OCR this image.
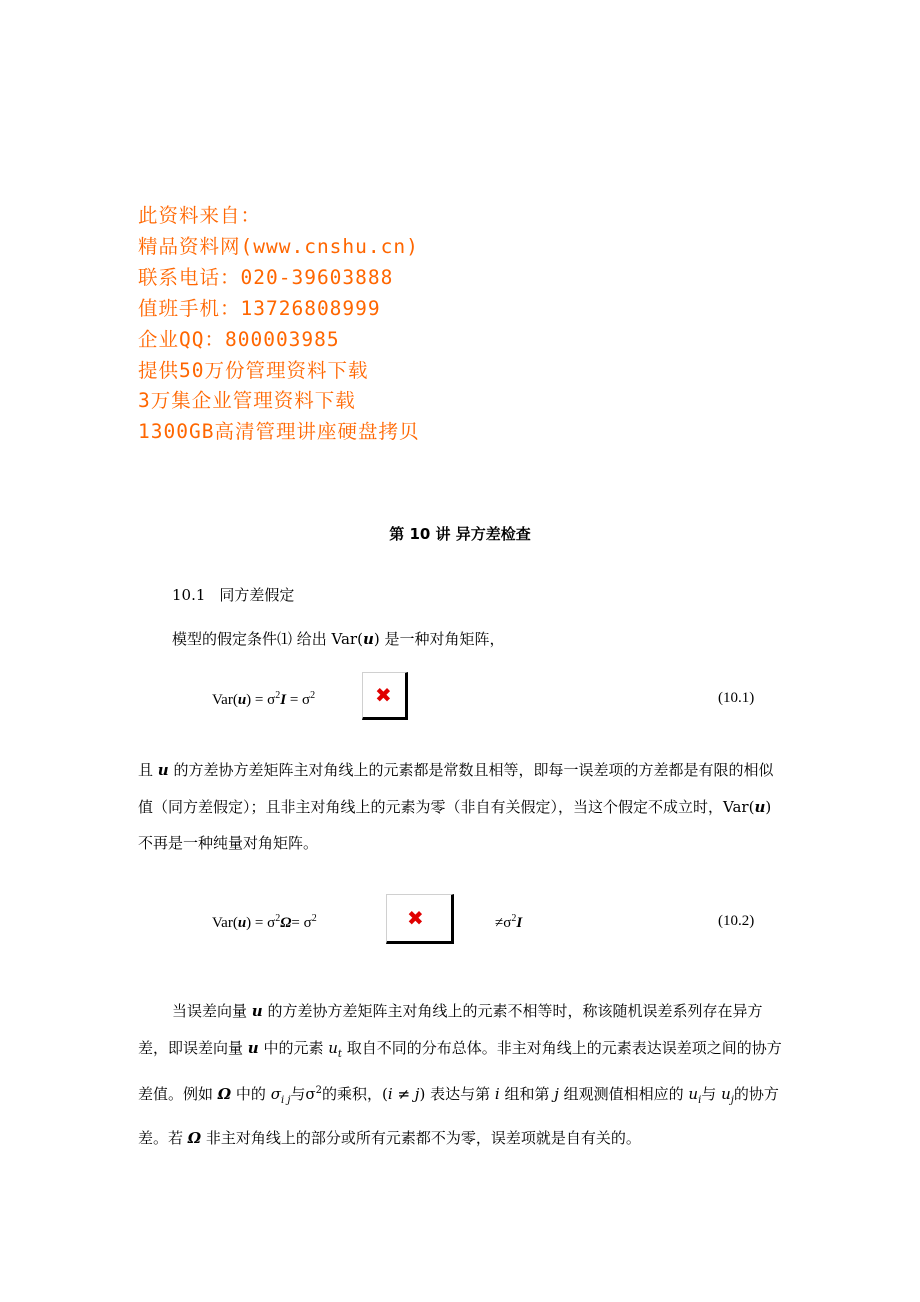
此资料来自：
精品资料网(www.cnshu.cn)
联系电话：020-39603888
值班手机：13726808999
企业QQ：800003985
提供50万份管理资料下载
3万集企业管理资料下载
1300GB高清管理讲座硬盘拷贝
第 10 讲 异方差检查
10.1 同方差假定
模型的假定条件⑴ 给出 Var(u) 是一种对角矩阵，
$Var(u) = \sigma^2I = \sigma^2$	✖	(10.1)
且 u 的方差协方差矩阵主对角线上的元素都是常数且相等，即每一误差项的方差都是有限的相似值（同方差假定）；且非主对角线上的元素为零（非自有关假定），当这个假定不成立时，Var(u) 不再是一种纯量对角矩阵。
$Var(u) = \sigma^2\Omega= \sigma^2$	✖	$\ne\sigma^2I$	(10.2)
当误差向量 u 的方差协方差矩阵主对角线上的元素不相等时，称该随机误差系列存在异方差，即误差向量 u 中的元素 $u_t$ 取自不同的分布总体。非主对角线上的元素表达误差项之间的协方差值。例如 Ω 中的 $\sigma_{i j}$与$\sigma^2$的乘积，(i ≠ j) 表达与第 i 组和第 j 组观测值相相应的 $u_i$与 $u_j$的协方差。若 Ω 非主对角线上的部分或所有元素都不为零，误差项就是自有关的。
